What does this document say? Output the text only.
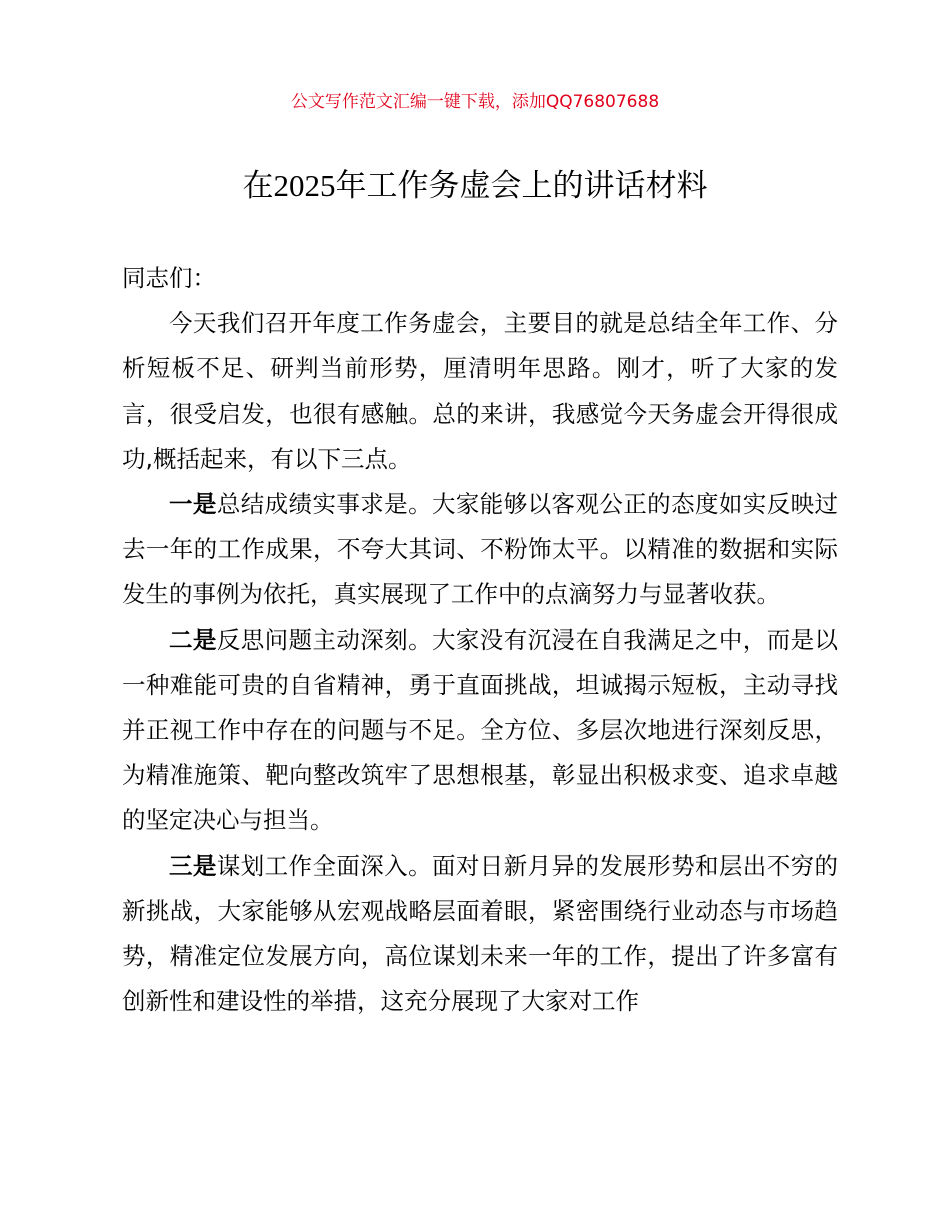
公文写作范文汇编一键下载，添加QQ76807688
在2025年工作务虚会上的讲话材料

同志们：

今天我们召开年度工作务虚会，主要目的就是总结全年工作、分析短板不足、研判当前形势，厘清明年思路。刚才，听了大家的发言，很受启发，也很有感触。总的来讲，我感觉今天务虚会开得很成功,概括起来，有以下三点。

一是总结成绩实事求是。大家能够以客观公正的态度如实反映过去一年的工作成果，不夸大其词、不粉饰太平。以精准的数据和实际发生的事例为依托，真实展现了工作中的点滴努力与显著收获。

二是反思问题主动深刻。大家没有沉浸在自我满足之中，而是以一种难能可贵的自省精神，勇于直面挑战，坦诚揭示短板，主动寻找并正视工作中存在的问题与不足。全方位、多层次地进行深刻反思，为精准施策、靶向整改筑牢了思想根基，彰显出积极求变、追求卓越的坚定决心与担当。

三是谋划工作全面深入。面对日新月异的发展形势和层出不穷的新挑战，大家能够从宏观战略层面着眼，紧密围绕行业动态与市场趋势，精准定位发展方向，高位谋划未来一年的工作，提出了许多富有创新性和建设性的举措，这充分展现了大家对工作
